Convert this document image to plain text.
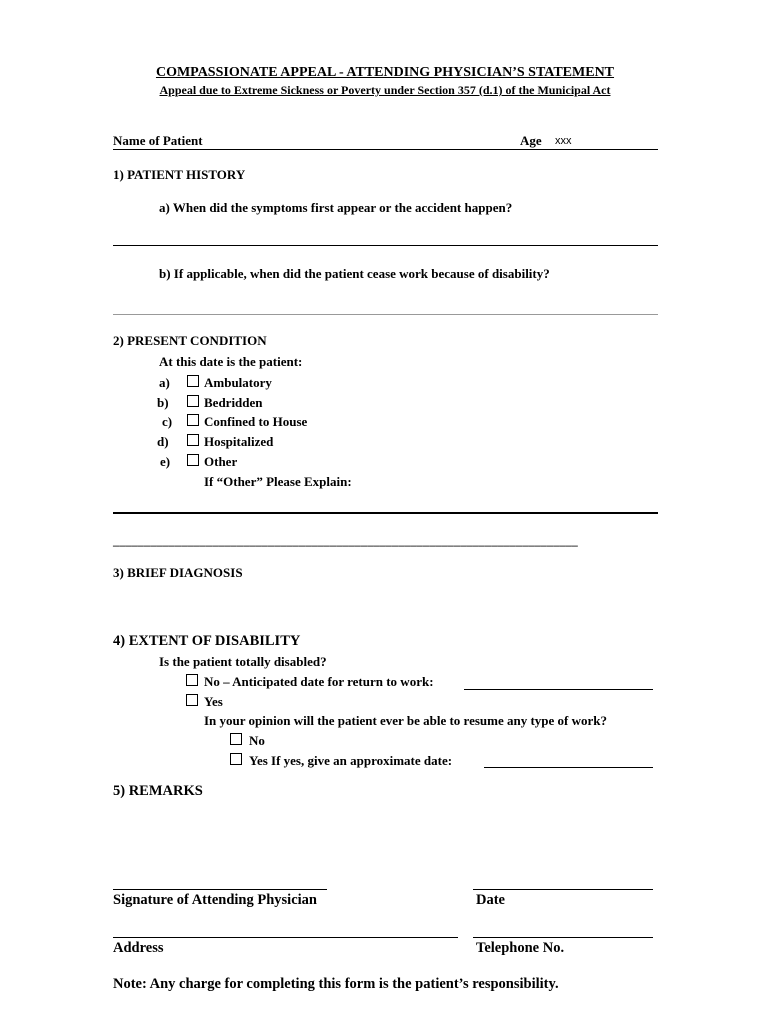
COMPASSIONATE APPEAL - ATTENDING PHYSICIAN’S STATEMENT
Appeal due to Extreme Sickness or Poverty under Section 357 (d.1) of the Municipal Act
Name of Patient	Age xxx
1) PATIENT HISTORY
a) When did the symptoms first appear or the accident happen?
b) If applicable, when did the patient cease work because of disability?
2) PRESENT CONDITION
At this date is the patient:
a)	Ambulatory
b)	Bedridden
c) Confined to House
d)	Hospitalized
e)	Other
If “Other” Please Explain:
___________________________________________________________________________
3) BRIEF DIAGNOSIS
4) EXTENT OF DISABILITY
Is the patient totally disabled?
No – Anticipated date for return to work:
Yes
In your opinion will the patient ever be able to resume any type of work?
No
Yes If yes, give an approximate date:
5) REMARKS
Signature of Attending Physician	Date
Address	Telephone No.
Note: Any charge for completing this form is the patient’s responsibility.
